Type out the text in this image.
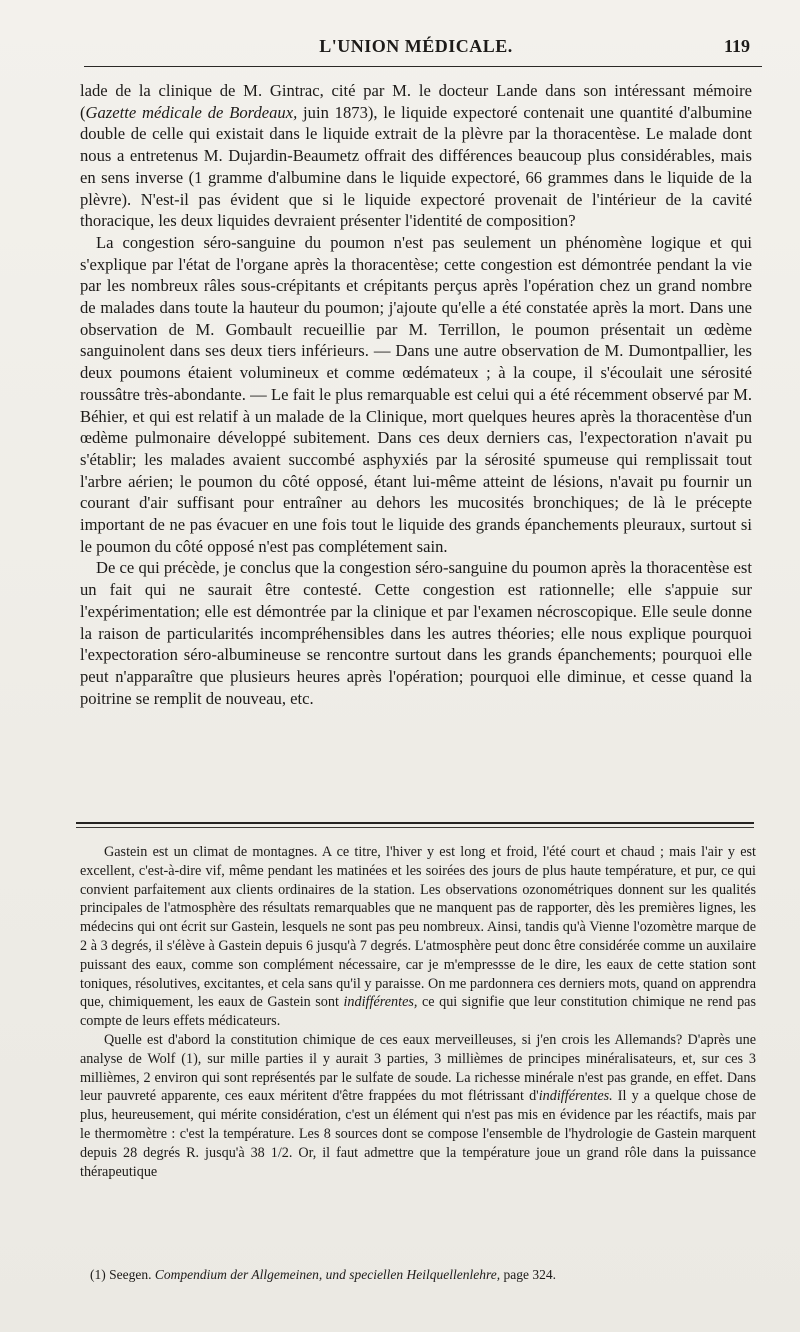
L'UNION MÉDICALE.	119

lade de la clinique de M. Gintrac, cité par M. le docteur Lande dans son intéressant mémoire (Gazette médicale de Bordeaux, juin 1873), le liquide expectoré contenait une quantité d'albumine double de celle qui existait dans le liquide extrait de la plèvre par la thoracentèse. Le malade dont nous a entretenus M. Dujardin-Beaumetz offrait des différences beaucoup plus considérables, mais en sens inverse (1 gramme d'albumine dans le liquide expectoré, 66 grammes dans le liquide de la plèvre). N'est-il pas évident que si le liquide expectoré provenait de l'intérieur de la cavité thoracique, les deux liquides devraient présenter l'identité de composition?

La congestion séro-sanguine du poumon n'est pas seulement un phénomène logique et qui s'explique par l'état de l'organe après la thoracentèse; cette congestion est démontrée pendant la vie par les nombreux râles sous-crépitants et crépitants perçus après l'opération chez un grand nombre de malades dans toute la hauteur du poumon; j'ajoute qu'elle a été constatée après la mort. Dans une observation de M. Gombault recueillie par M. Terrillon, le poumon présentait un œdème sanguinolent dans ses deux tiers inférieurs. — Dans une autre observation de M. Dumontpallier, les deux poumons étaient volumineux et comme œdémateux ; à la coupe, il s'écoulait une sérosité roussâtre très-abondante. — Le fait le plus remarquable est celui qui a été récemment observé par M. Béhier, et qui est relatif à un malade de la Clinique, mort quelques heures après la thoracentèse d'un œdème pulmonaire développé subitement. Dans ces deux derniers cas, l'expectoration n'avait pu s'établir; les malades avaient succombé asphyxiés par la sérosité spumeuse qui remplissait tout l'arbre aérien; le poumon du côté opposé, étant lui-même atteint de lésions, n'avait pu fournir un courant d'air suffisant pour entraîner au dehors les mucosités bronchiques; de là le précepte important de ne pas évacuer en une fois tout le liquide des grands épanchements pleuraux, surtout si le poumon du côté opposé n'est pas complétement sain.

De ce qui précède, je conclus que la congestion séro-sanguine du poumon après la thoracentèse est un fait qui ne saurait être contesté. Cette congestion est rationnelle; elle s'appuie sur l'expérimentation; elle est démontrée par la clinique et par l'examen nécroscopique. Elle seule donne la raison de particularités incompréhensibles dans les autres théories; elle nous explique pourquoi l'expectoration séro-albumineuse se rencontre surtout dans les grands épanchements; pourquoi elle peut n'apparaître que plusieurs heures après l'opération; pourquoi elle diminue, et cesse quand la poitrine se remplit de nouveau, etc.

Gastein est un climat de montagnes. A ce titre, l'hiver y est long et froid, l'été court et chaud ; mais l'air y est excellent, c'est-à-dire vif, même pendant les matinées et les soirées des jours de plus haute température, et pur, ce qui convient parfaitement aux clients ordinaires de la station. Les observations ozonométriques donnent sur les qualités principales de l'atmosphère des résultats remarquables que ne manquent pas de rapporter, dès les premières lignes, les médecins qui ont écrit sur Gastein, lesquels ne sont pas peu nombreux. Ainsi, tandis qu'à Vienne l'ozomètre marque de 2 à 3 degrés, il s'élève à Gastein depuis 6 jusqu'à 7 degrés. L'atmosphère peut donc être considérée comme un auxilaire puissant des eaux, comme son complément nécessaire, car je m'empressse de le dire, les eaux de cette station sont toniques, résolutives, excitantes, et cela sans qu'il y paraisse. On me pardonnera ces derniers mots, quand on apprendra que, chimiquement, les eaux de Gastein sont indifférentes, ce qui signifie que leur constitution chimique ne rend pas compte de leurs effets médicateurs.

Quelle est d'abord la constitution chimique de ces eaux merveilleuses, si j'en crois les Allemands? D'après une analyse de Wolf (1), sur mille parties il y aurait 3 parties, 3 millièmes de principes minéralisateurs, et, sur ces 3 millièmes, 2 environ qui sont représentés par le sulfate de soude. La richesse minérale n'est pas grande, en effet. Dans leur pauvreté apparente, ces eaux méritent d'être frappées du mot flétrissant d'indifférentes. Il y a quelque chose de plus, heureusement, qui mérite considération, c'est un élément qui n'est pas mis en évidence par les réactifs, mais par le thermomètre : c'est la température. Les 8 sources dont se compose l'ensemble de l'hydrologie de Gastein marquent depuis 28 degrés R. jusqu'à 38 1/2. Or, il faut admettre que la température joue un grand rôle dans la puissance thérapeutique

(1) Seegen. Compendium der Allgemeinen, und speciellen Heilquellenlehre, page 324.
